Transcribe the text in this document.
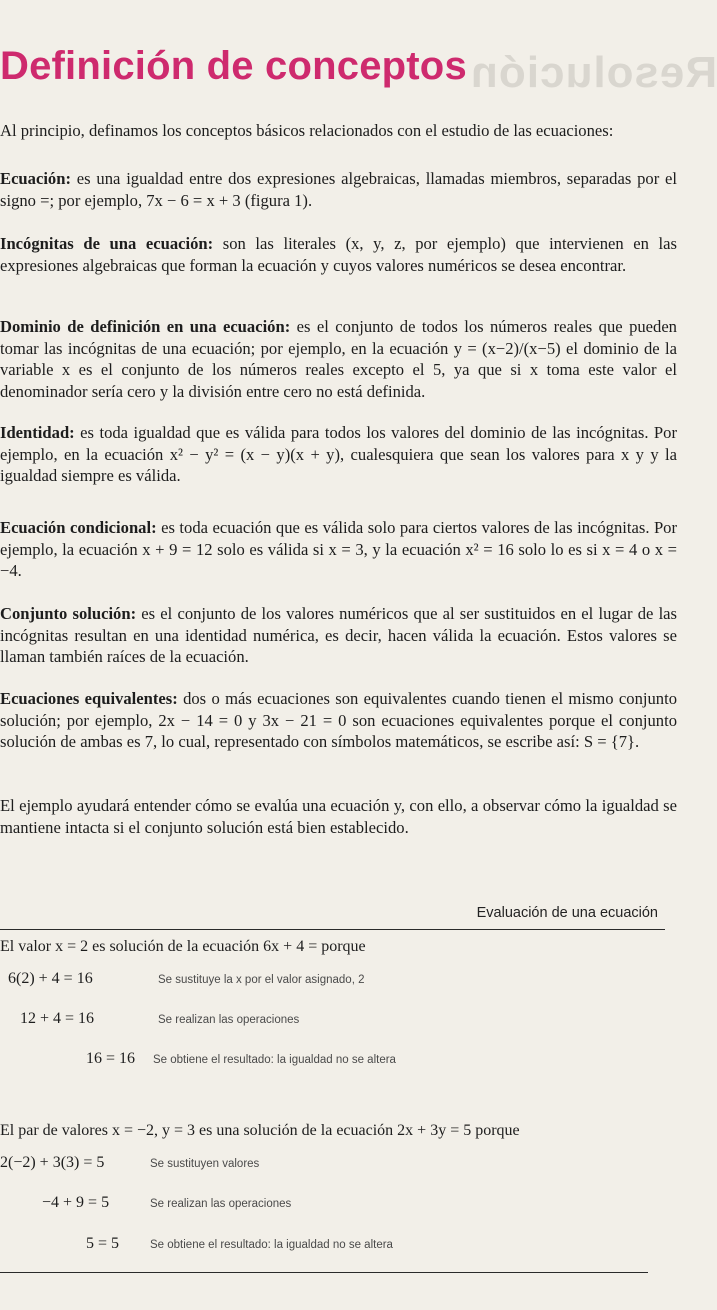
Resolución
Definición de conceptos

Al principio, definamos los conceptos básicos relacionados con el estudio de las ecuaciones:

Ecuación: es una igualdad entre dos expresiones algebraicas, llamadas miembros, separadas por el signo =; por ejemplo, 7x − 6 = x + 3 (figura 1).

Incógnitas de una ecuación: son las literales (x, y, z, por ejemplo) que intervienen en las expresiones algebraicas que forman la ecuación y cuyos valores numéricos se desea encontrar.

Dominio de definición en una ecuación: es el conjunto de todos los números reales que pueden tomar las incógnitas de una ecuación; por ejemplo, en la ecuación y = (x−2)/(x−5) el dominio de la variable x es el conjunto de los números reales excepto el 5, ya que si x toma este valor el denominador sería cero y la división entre cero no está definida.

Identidad: es toda igualdad que es válida para todos los valores del dominio de las incógnitas. Por ejemplo, en la ecuación x² − y² = (x − y)(x + y), cualesquiera que sean los valores para x y y la igualdad siempre es válida.

Ecuación condicional: es toda ecuación que es válida solo para ciertos valores de las incógnitas. Por ejemplo, la ecuación x + 9 = 12 solo es válida si x = 3, y la ecuación x² = 16 solo lo es si x = 4 o x = −4.

Conjunto solución: es el conjunto de los valores numéricos que al ser sustituidos en el lugar de las incógnitas resultan en una identidad numérica, es decir, hacen válida la ecuación. Estos valores se llaman también raíces de la ecuación.

Ecuaciones equivalentes: dos o más ecuaciones son equivalentes cuando tienen el mismo conjunto solución; por ejemplo, 2x − 14 = 0 y 3x − 21 = 0 son ecuaciones equivalentes porque el conjunto solución de ambas es 7, lo cual, representado con símbolos matemáticos, se escribe así: S = {7}.

El ejemplo ayudará entender cómo se evalúa una ecuación y, con ello, a observar cómo la igualdad se mantiene intacta si el conjunto solución está bien establecido.

Evaluación de una ecuación
El valor x = 2 es solución de la ecuación 6x + 4 = porque
6(2) + 4 = 16	Se sustituye la x por el valor asignado, 2
12 + 4 = 16	Se realizan las operaciones
16 = 16 Se obtiene el resultado: la igualdad no se altera
El par de valores x = −2, y = 3 es una solución de la ecuación 2x + 3y = 5 porque
2(−2) + 3(3) = 5	Se sustituyen valores
−4 + 9 = 5	Se realizan las operaciones
5 = 5	Se obtiene el resultado: la igualdad no se altera
